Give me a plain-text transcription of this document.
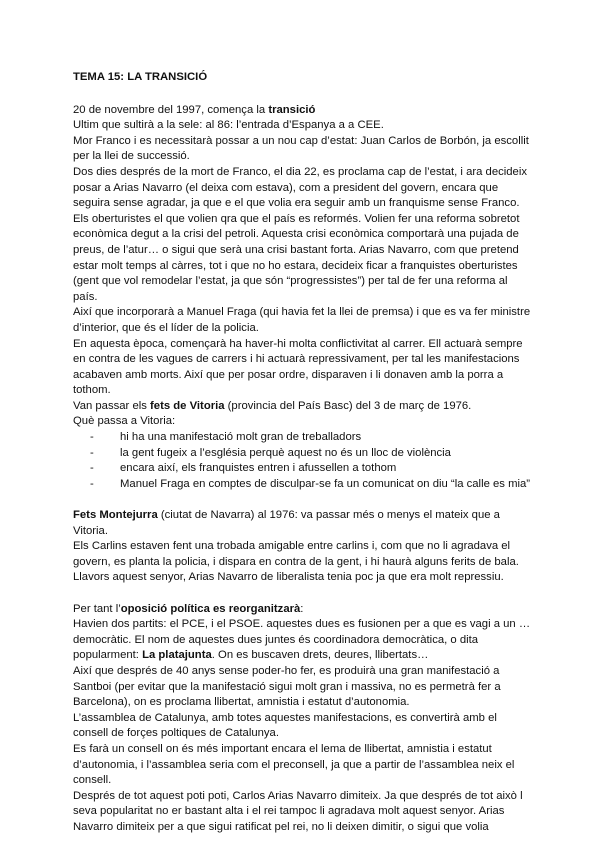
TEMA 15: LA TRANSICIÓ

20 de novembre del 1997, comença la transició

Ultim que sultirà a la sele: al 86: l’entrada d’Espanya a a CEE.

Mor Franco i es necessitarà possar a un nou cap d’estat: Juan Carlos de Borbón, ja escollit per la llei de successió.

Dos dies després de la mort de Franco, el dia 22, es proclama cap de l’estat, i ara decideix posar a Arias Navarro (el deixa com estava), com a president del govern, encara que seguira sense agradar, ja que e el que volia era seguir amb un franquisme sense Franco.

Els oberturistes el que volien qra que el país es reformés. Volien fer una reforma sobretot econòmica degut a la crisi del petroli. Aquesta crisi econòmica comportarà una pujada de preus, de l’atur… o sigui que serà una crisi bastant forta. Arias Navarro, com que pretend estar molt temps al càrres, tot i que no ho estara, decideix ficar a franquistes oberturistes (gent que vol remodelar l’estat, ja que són “progressistes”) per tal de fer una reforma al país.

Així que incorporarà a Manuel Fraga (qui havia fet la llei de premsa) i que es va fer ministre d’interior, que és el líder de la policia.

En aquesta època, començarà ha haver-hi molta conflictivitat al carrer. Ell actuarà sempre en contra de les vagues de carrers i hi actuarà repressivament, per tal les manifestacions acabaven amb morts. Així que per posar ordre, disparaven i li donaven amb la porra a tothom.

Van passar els fets de Vitoria (provincia del País Basc) del 3 de març de 1976.

Què passa a Vitoria:

- hi ha una manifestació molt gran de treballadors
- la gent fugeix a l’església perquè aquest no és un lloc de violència
- encara així, els franquistes entren i afussellen a tothom
- Manuel Fraga en comptes de disculpar-se fa un comunicat on diu “la calle es mia”

Fets Montejurra (ciutat de Navarra) al 1976: va passar més o menys el mateix que a Vitoria.

Els Carlins estaven fent una trobada amigable entre carlins i, com que no li agradava el govern, es planta la policia, i dispara en contra de la gent, i hi haurà alguns ferits de bala.

Llavors aquest senyor, Arias Navarro de liberalista tenia poc ja que era molt repressiu.

Per tant l’oposició política es reorganitzarà:

Havien dos partits: el PCE, i el PSOE. aquestes dues es fusionen per a que es vagi a un … democràtic. El nom de aquestes dues juntes és coordinadora democràtica, o dita popularment: La platajunta. On es buscaven drets, deures, llibertats…

Així que després de 40 anys sense poder-ho fer, es produirà una gran manifestació a Santboi (per evitar que la manifestació sigui molt gran i massiva, no es permetrà fer a Barcelona), on es proclama llibertat, amnistia i estatut d’autonomia.

L’assamblea de Catalunya, amb totes aquestes manifestacions, es convertirà amb el consell de forçes poltiques de Catalunya.

Es farà un consell on és més important encara el lema de llibertat, amnistia i estatut d’autonomia, i l’assamblea seria com el preconsell, ja que a partir de l’assamblea neix el consell.

Després de tot aquest poti poti, Carlos Arias Navarro dimiteix. Ja que després de tot això l seva popularitat no er bastant alta i el rei tampoc li agradava molt aquest senyor. Arias Navarro dimiteix per a que sigui ratificat pel rei, no li deixen dimitir, o sigui que volia
